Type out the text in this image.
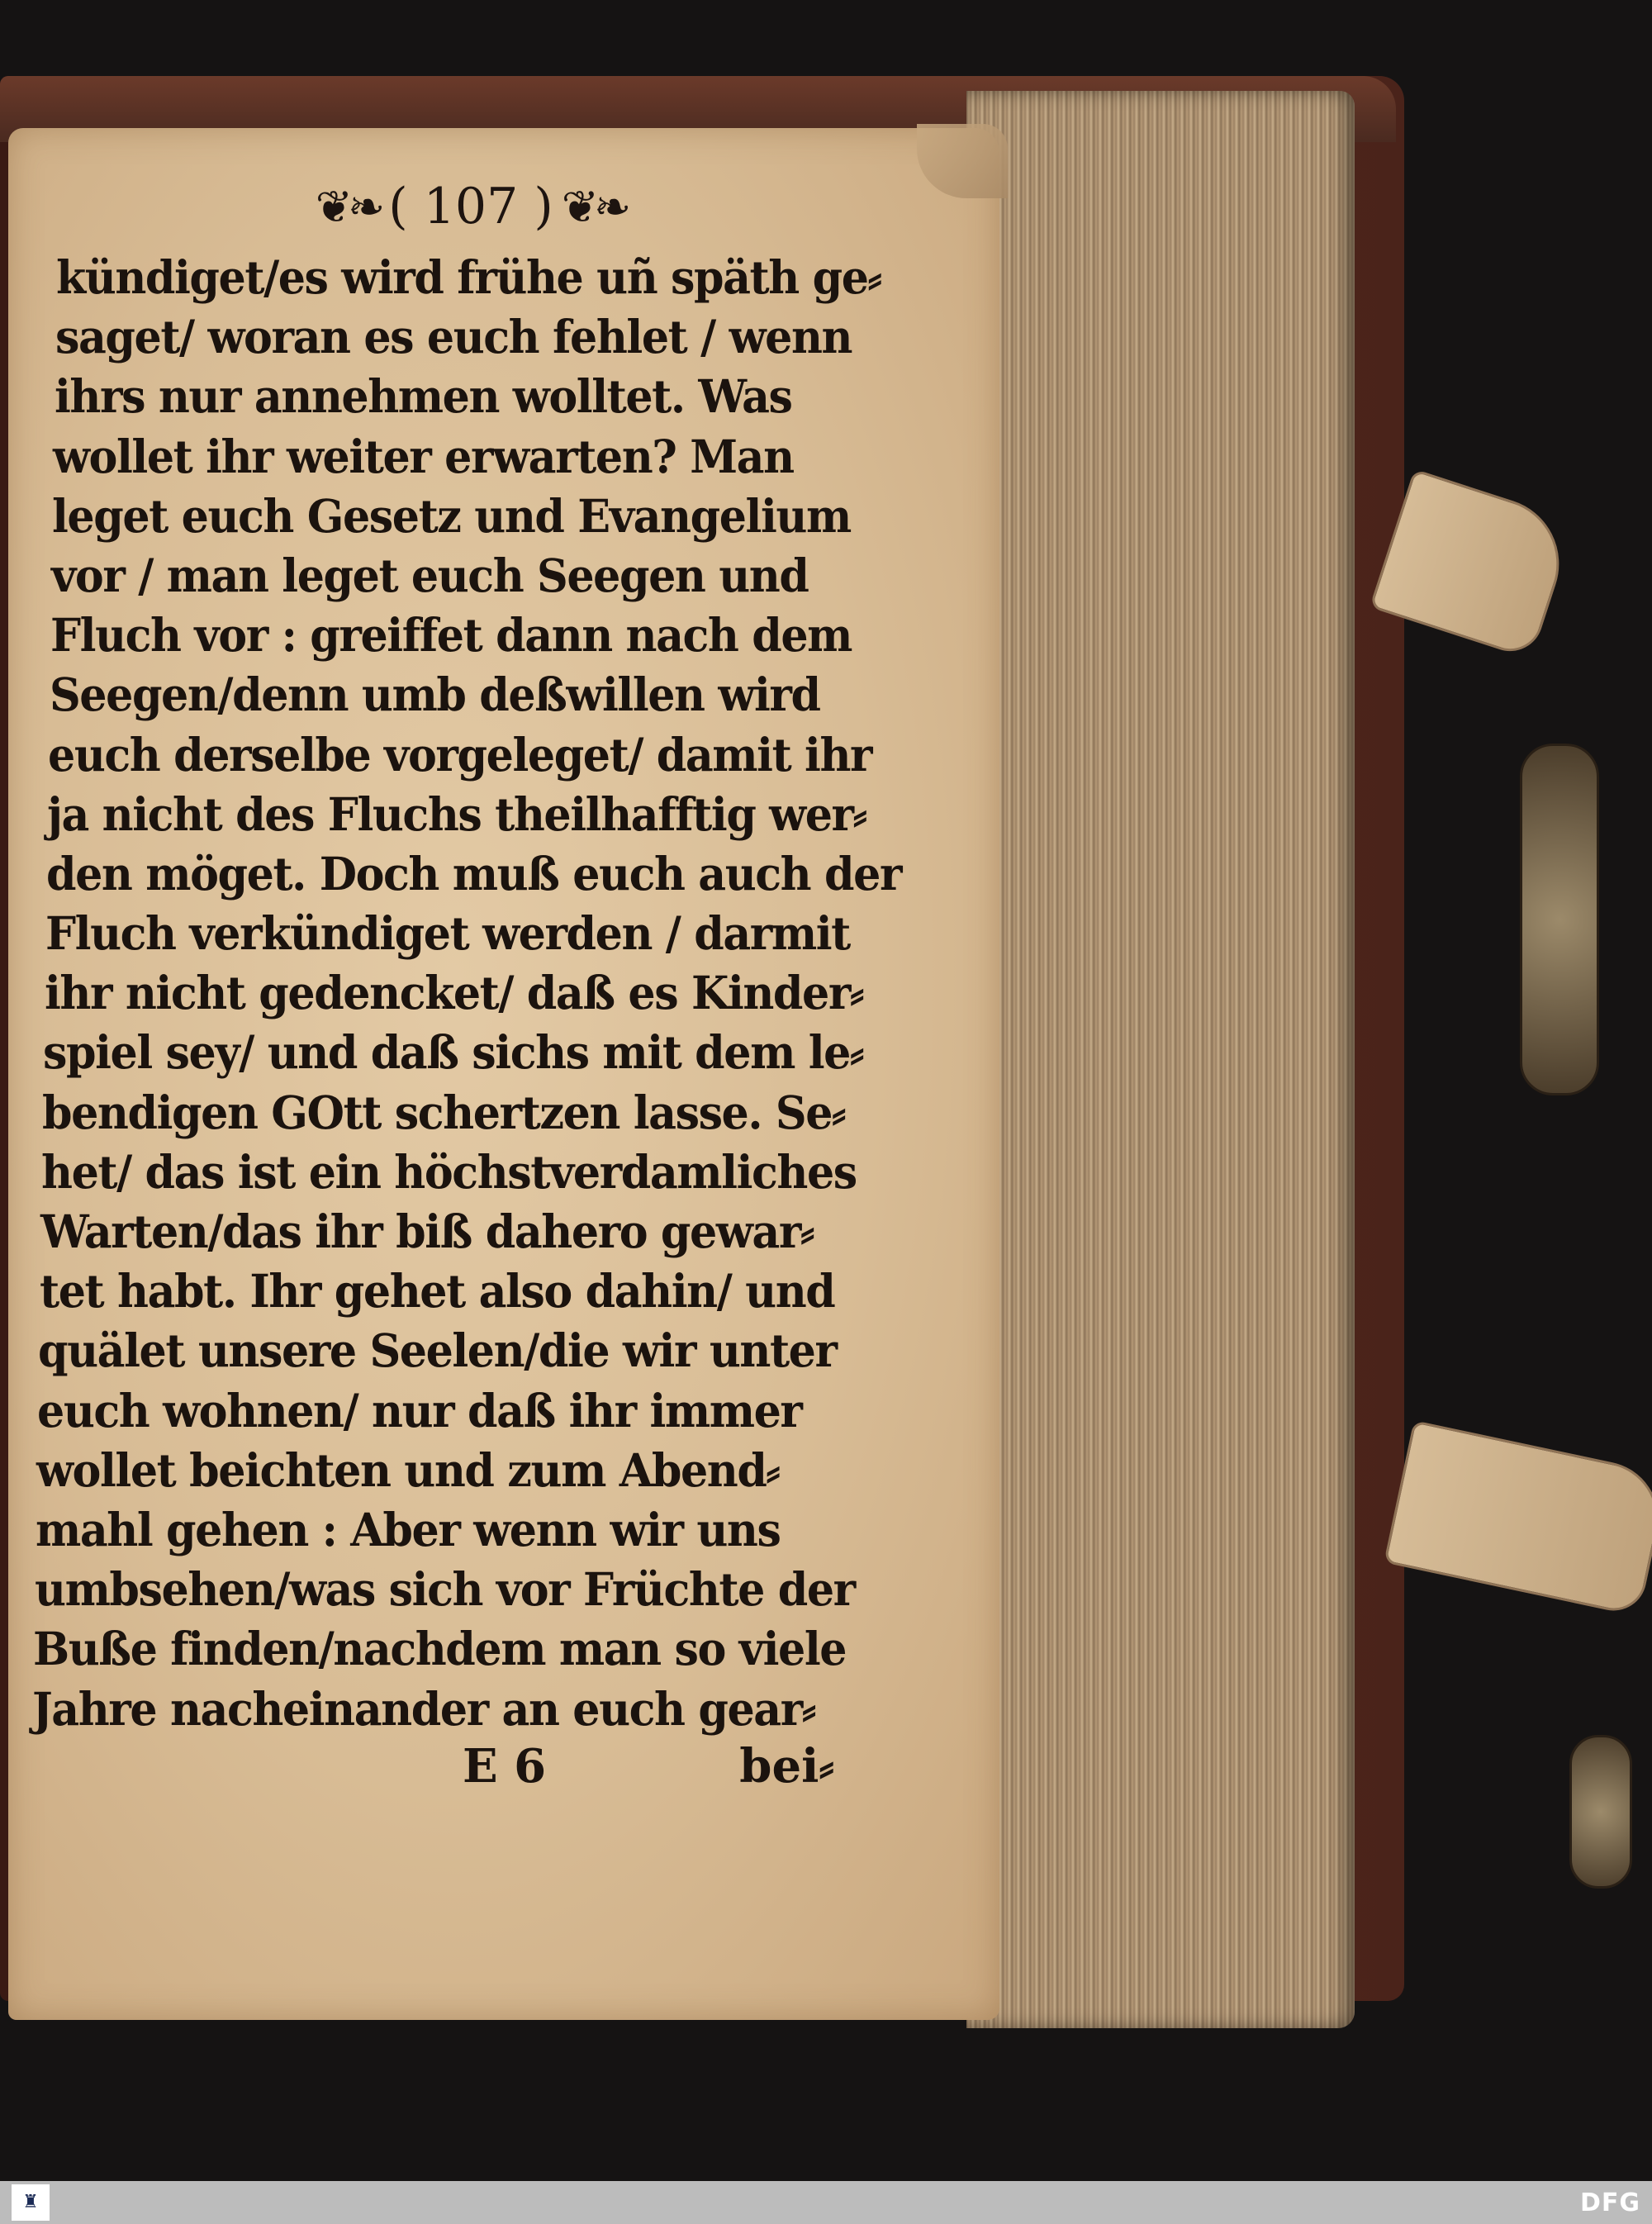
❦❧ ( 107 ) ❦❧
kündiget/es wird frühe uñ späth ge⸗
saget/ woran es euch fehlet / wenn
ihrs nur annehmen wolltet. Was
wollet ihr weiter erwarten? Man
leget euch Gesetz und Evangelium
vor / man leget euch Seegen und
Fluch vor : greiffet dann nach dem
Seegen/denn umb deßwillen wird
euch derselbe vorgeleget/ damit ihr
ja nicht des Fluchs theilhafftig wer⸗
den möget. Doch muß euch auch der
Fluch verkündiget werden / darmit
ihr nicht gedencket/ daß es Kinder⸗
spiel sey/ und daß sichs mit dem le⸗
bendigen GOtt schertzen lasse. Se⸗
het/ das ist ein höchstverdamliches
Warten/das ihr biß dahero gewar⸗
tet habt. Ihr gehet also dahin/ und
quälet unsere Seelen/die wir unter
euch wohnen/ nur daß ihr immer
wollet beichten und zum Abend⸗
mahl gehen : Aber wenn wir uns
umbsehen/was sich vor Früchte der
Buße finden/nachdem man so viele
Jahre nacheinander an euch gear⸗
E 6	bei⸗
♜	DFG
